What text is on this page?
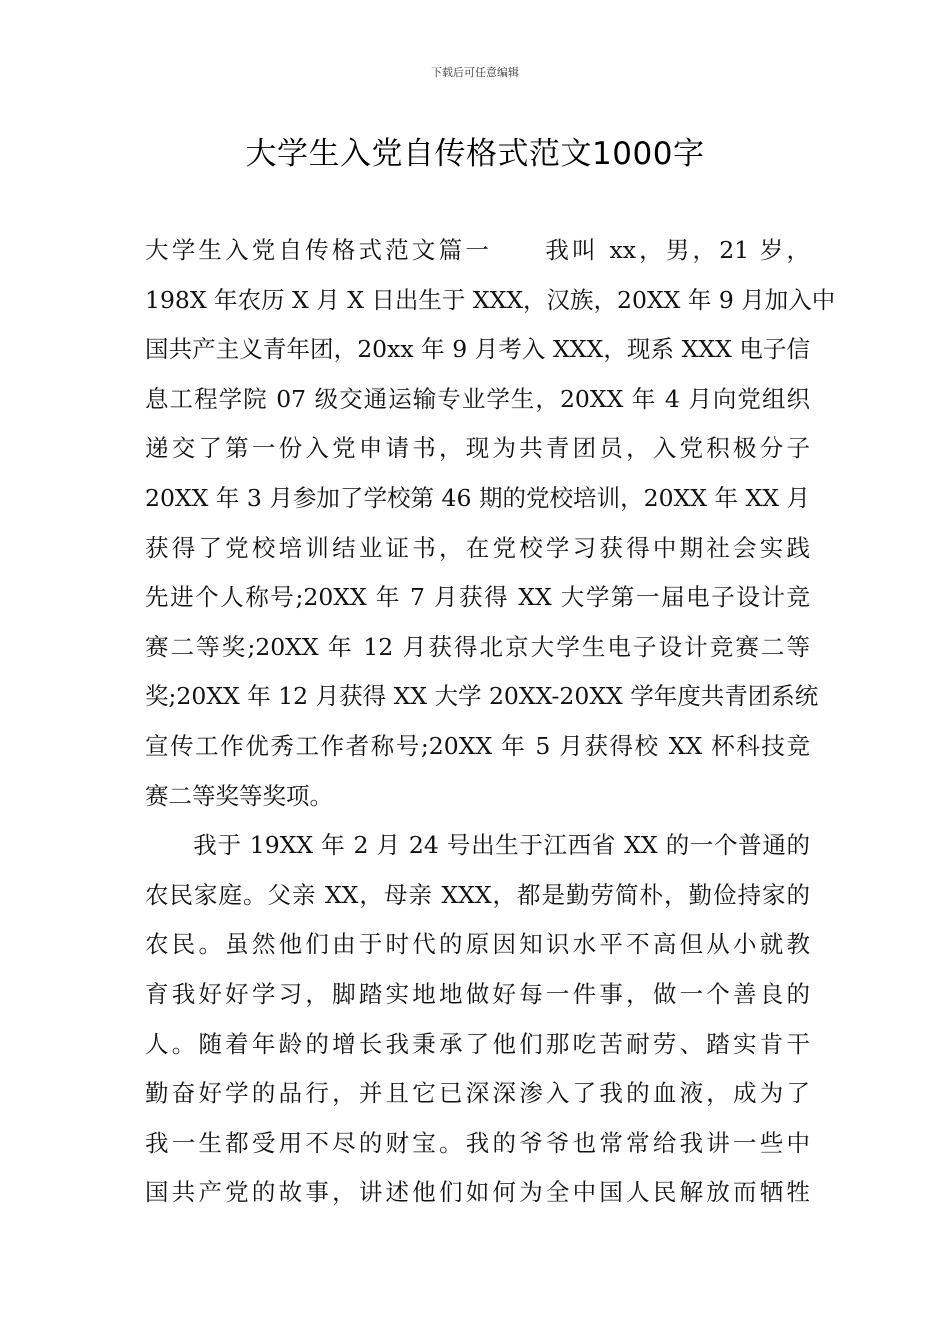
下载后可任意编辑
大学生入党自传格式范文1000字
大学生入党自传格式范文篇一　　我叫 xx，男，21 岁，
198X 年农历 X 月 X 日出生于 XXX，汉族，20XX 年 9 月加入中
国共产主义青年团，20xx 年 9 月考入 XXX，现系 XXX 电子信
息工程学院 07 级交通运输专业学生，20XX 年 4 月向党组织
递交了第一份入党申请书，现为共青团员，入党积极分子
20XX 年 3 月参加了学校第 46 期的党校培训，20XX 年 XX 月
获得了党校培训结业证书，在党校学习获得中期社会实践
先进个人称号;20XX 年 7 月获得 XX 大学第一届电子设计竞
赛二等奖;20XX 年 12 月获得北京大学生电子设计竞赛二等
奖;20XX 年 12 月获得 XX 大学 20XX-20XX 学年度共青团系统
宣传工作优秀工作者称号;20XX 年 5 月获得校 XX 杯科技竞
赛二等奖等奖项。
　　我于 19XX 年 2 月 24 号出生于江西省 XX 的一个普通的
农民家庭。父亲 XX，母亲 XXX，都是勤劳简朴，勤俭持家的
农民。虽然他们由于时代的原因知识水平不高但从小就教
育我好好学习，脚踏实地地做好每一件事，做一个善良的
人。随着年龄的增长我秉承了他们那吃苦耐劳、踏实肯干
勤奋好学的品行，并且它已深深渗入了我的血液，成为了
我一生都受用不尽的财宝。我的爷爷也常常给我讲一些中
国共产党的故事，讲述他们如何为全中国人民解放而牺牲
